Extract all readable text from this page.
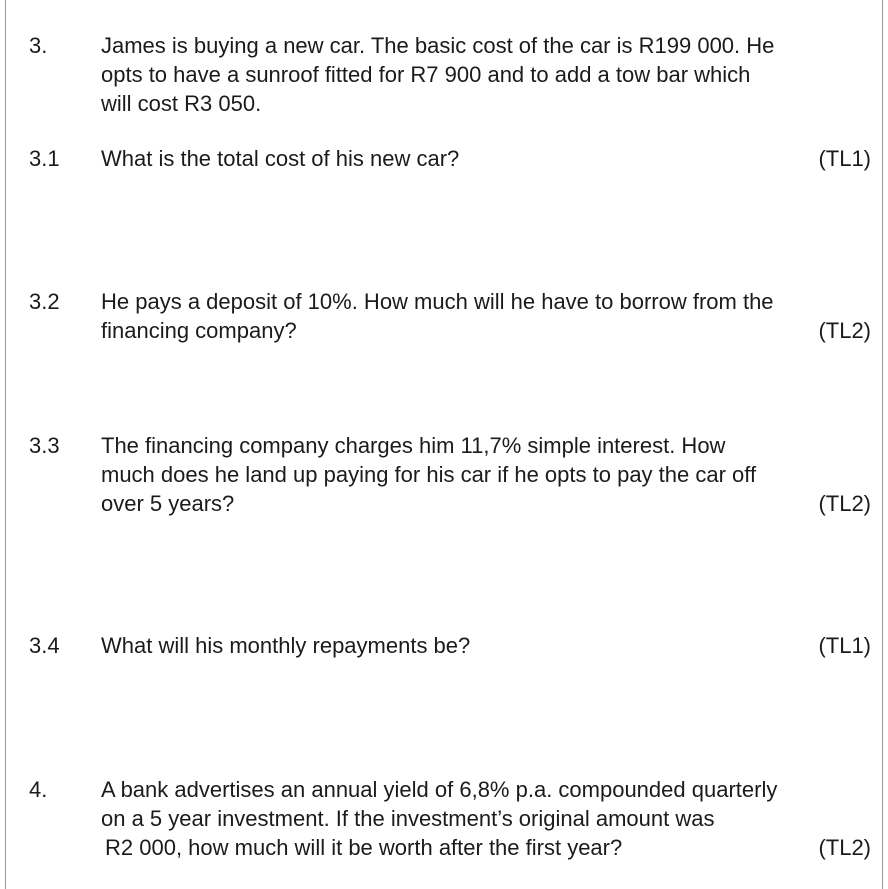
3. James is buying a new car. The basic cost of the car is R199 000. He
opts to have a sunroof fitted for R7 900 and to add a tow bar which
will cost R3 050.
3.1 What is the total cost of his new car?	(TL1)
3.2 He pays a deposit of 10%. How much will he have to borrow from the
financing company?	(TL2)
3.3 The financing company charges him 11,7% simple interest. How
much does he land up paying for his car if he opts to pay the car off
over 5 years?	(TL2)
3.4 What will his monthly repayments be?	(TL1)
4. A bank advertises an annual yield of 6,8% p.a. compounded quarterly
on a 5 year investment. If the investment’s original amount was
R2 000, how much will it be worth after the first year?	(TL2)
